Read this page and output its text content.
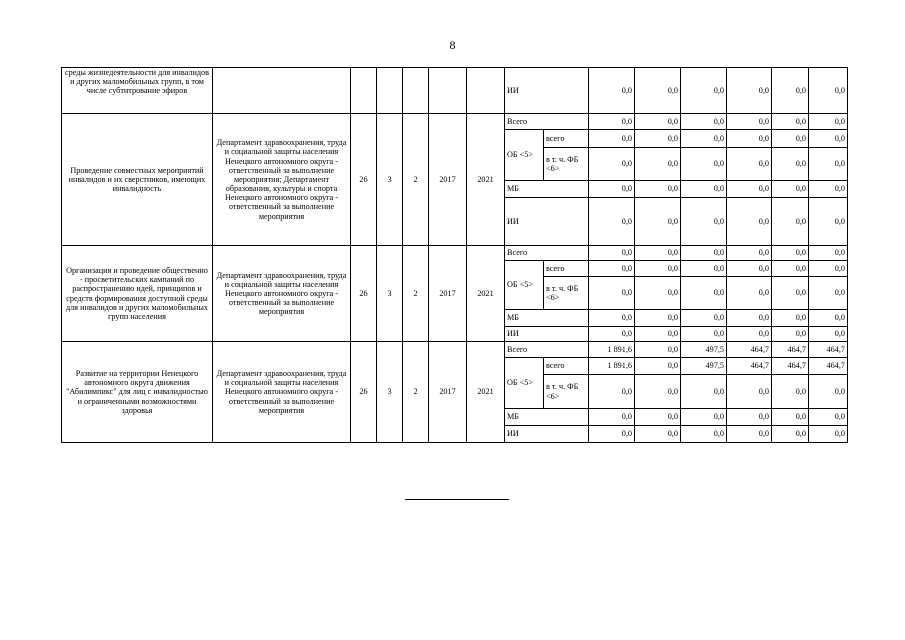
8
среды жизнедеятельности для инвалидов и других маломобильных групп, в том числе субтитрование эфиров							ИИ		0,0	0,0	0,0	0,0	0,0	0,0
Проведение совместных мероприятий инвалидов и их сверстников, имеющих инвалидность	Департамент здравоохранения, труда и социальной защиты населения Ненецкого автономного округа - ответственный за выполнение мероприятия; Департамент образования, культуры и спорта Ненецкого автономного округа - ответственный за выполнение мероприятия	26	3	2	2017	2021	Всего		0,0	0,0	0,0	0,0	0,0	0,0
							ОБ <5>	всего	0,0	0,0	0,0	0,0	0,0	0,0
								в т. ч. ФБ <6>	0,0	0,0	0,0	0,0	0,0	0,0
							МБ		0,0	0,0	0,0	0,0	0,0	0,0
							ИИ		0,0	0,0	0,0	0,0	0,0	0,0
Организация и проведение общественно - просветительских кампаний по распространению идей, принципов и средств формирования доступной среды для инвалидов и других маломобильных групп населения	Департамент здравоохранения, труда и социальной защиты населения Ненецкого автономного округа - ответственный за выполнение мероприятия	26	3	2	2017	2021	Всего		0,0	0,0	0,0	0,0	0,0	0,0
							ОБ <5>	всего	0,0	0,0	0,0	0,0	0,0	0,0
								в т. ч. ФБ <6>	0,0	0,0	0,0	0,0	0,0	0,0
							МБ		0,0	0,0	0,0	0,0	0,0	0,0
							ИИ		0,0	0,0	0,0	0,0	0,0	0,0
Развитие на территории Ненецкого автономного округа движения "Абилимпикс" для лиц с инвалидностью и ограниченными возможностями здоровья	Департамент здравоохранения, труда и социальной защиты населения Ненецкого автономного округа - ответственный за выполнение мероприятия	26	3	2	2017	2021	Всего		1 891,6	0,0	497,5	464,7	464,7	464,7
							ОБ <5>	всего	1 891,6	0,0	497,5	464,7	464,7	464,7
								в т. ч. ФБ <6>	0,0	0,0	0,0	0,0	0,0	0,0
							МБ		0,0	0,0	0,0	0,0	0,0	0,0
							ИИ		0,0	0,0	0,0	0,0	0,0	0,0
